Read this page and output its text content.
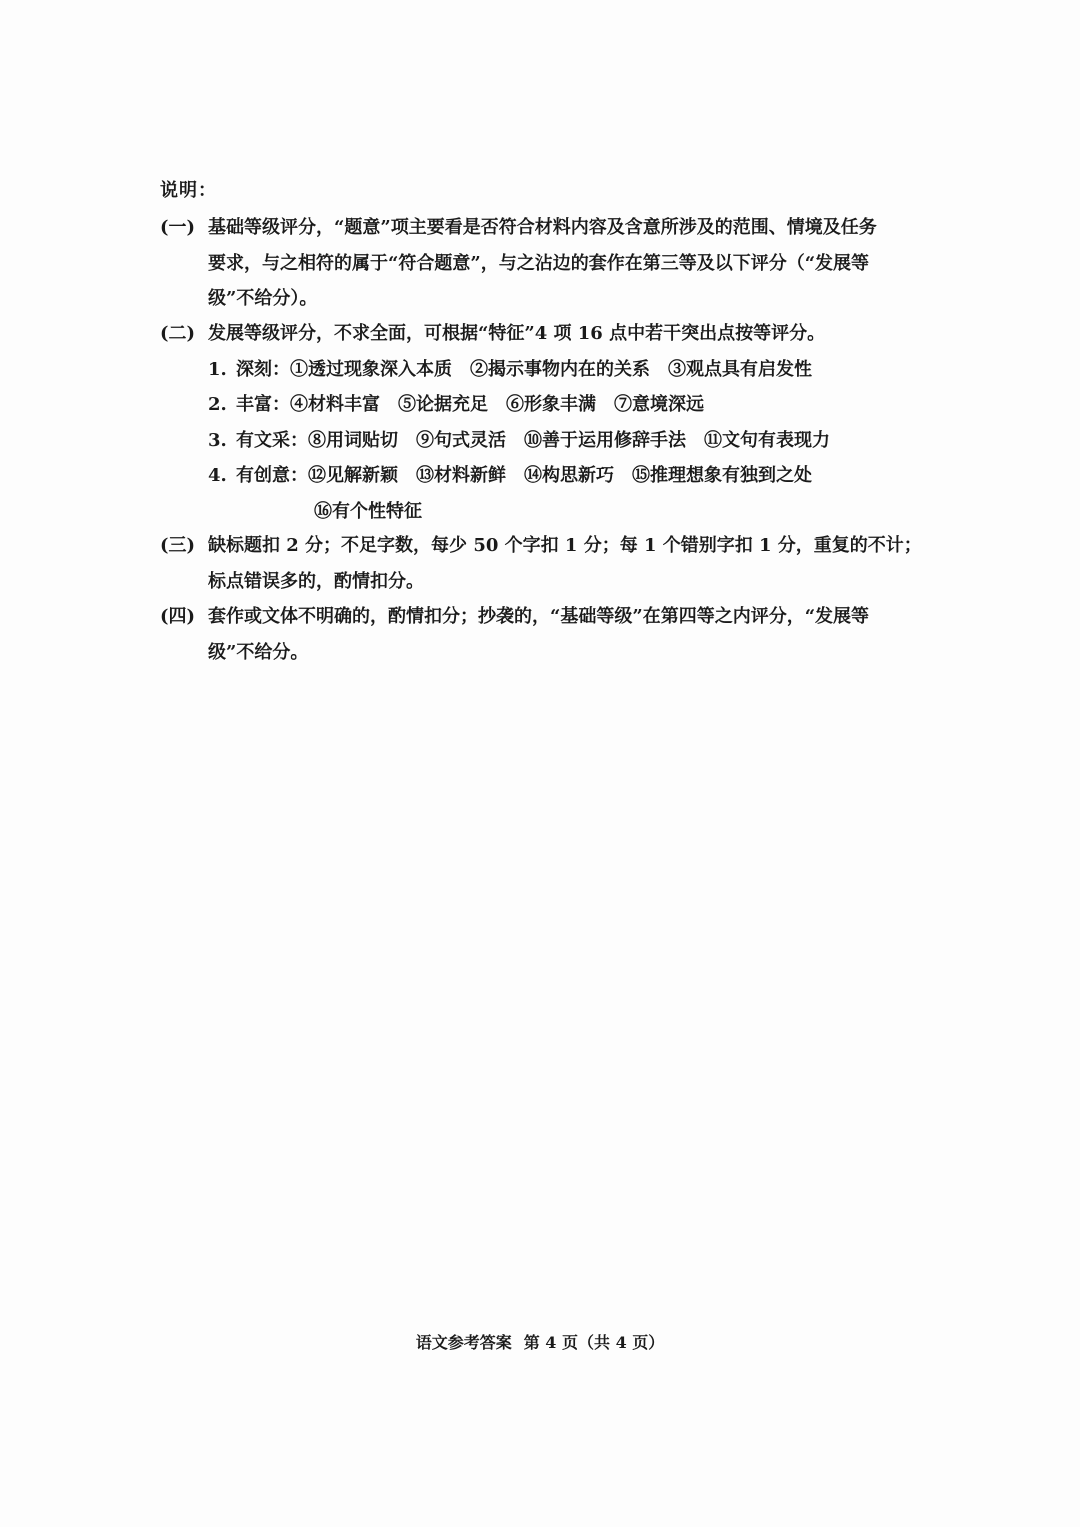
说明：
(一) 基础等级评分，“题意”项主要看是否符合材料内容及含意所涉及的范围、情境及任务
要求，与之相符的属于“符合题意”，与之沾边的套作在第三等及以下评分（“发展等
级”不给分）。
(二) 发展等级评分，不求全面，可根据“特征”4 项 16 点中若干突出点按等评分。
1. 深刻：①透过现象深入本质 ②揭示事物内在的关系 ③观点具有启发性
2. 丰富：④材料丰富 ⑤论据充足 ⑥形象丰满 ⑦意境深远
3. 有文采：⑧用词贴切 ⑨句式灵活 ⑩善于运用修辞手法 ⑪文句有表现力
4. 有创意：⑫见解新颖 ⑬材料新鲜 ⑭构思新巧 ⑮推理想象有独到之处
⑯有个性特征
(三) 缺标题扣 2 分；不足字数，每少 50 个字扣 1 分；每 1 个错别字扣 1 分，重复的不计；
标点错误多的，酌情扣分。
(四) 套作或文体不明确的，酌情扣分；抄袭的，“基础等级”在第四等之内评分，“发展等
级”不给分。
语文参考答案 第 4 页（共 4 页）
